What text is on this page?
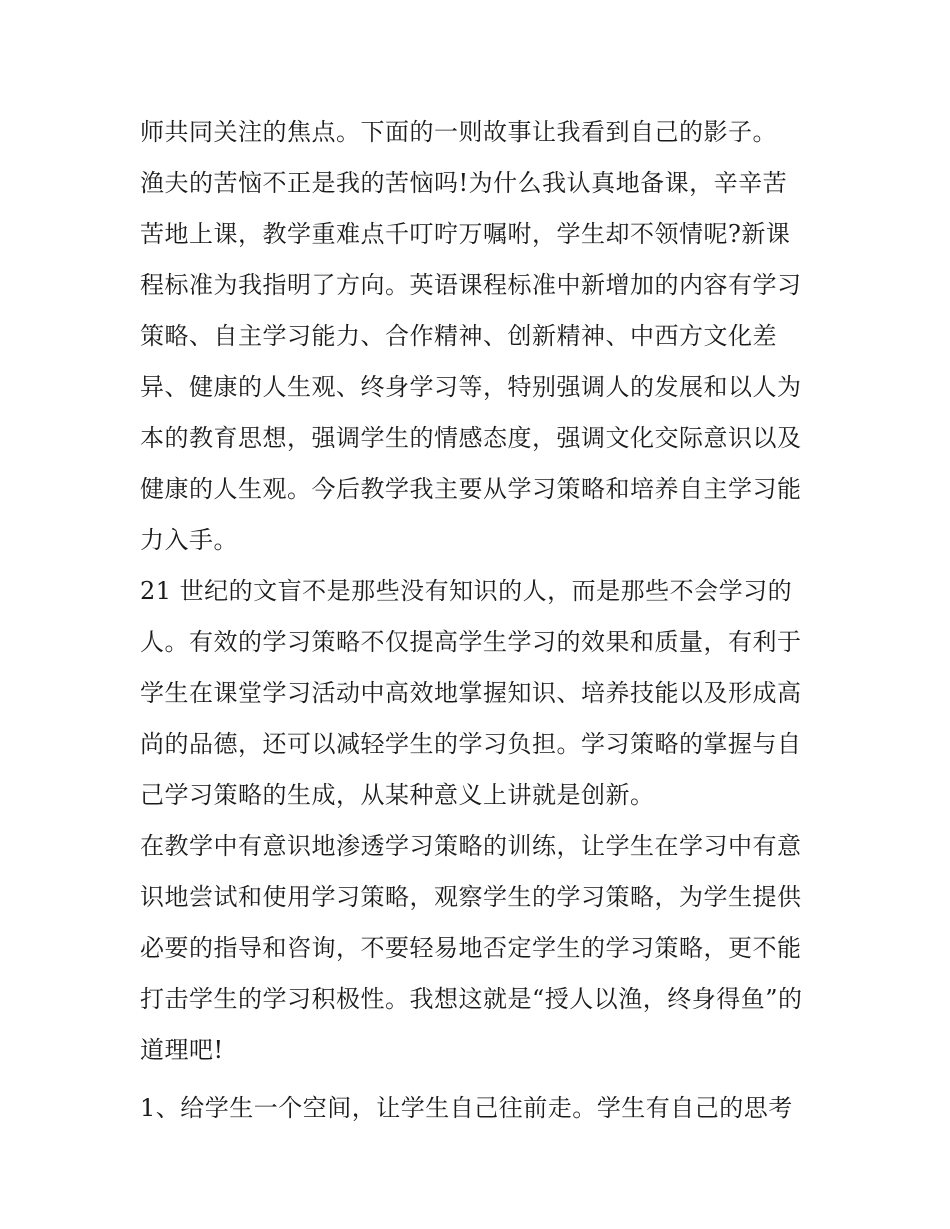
师共同关注的焦点。下面的一则故事让我看到自己的影子。
渔夫的苦恼不正是我的苦恼吗!为什么我认真地备课，辛辛苦
苦地上课，教学重难点千叮咛万嘱咐，学生却不领情呢?新课
程标准为我指明了方向。英语课程标准中新增加的内容有学习
策略、自主学习能力、合作精神、创新精神、中西方文化差
异、健康的人生观、终身学习等，特别强调人的发展和以人为
本的教育思想，强调学生的情感态度，强调文化交际意识以及
健康的人生观。今后教学我主要从学习策略和培养自主学习能
力入手。
21 世纪的文盲不是那些没有知识的人，而是那些不会学习的
人。有效的学习策略不仅提高学生学习的效果和质量，有利于
学生在课堂学习活动中高效地掌握知识、培养技能以及形成高
尚的品德，还可以减轻学生的学习负担。学习策略的掌握与自
己学习策略的生成，从某种意义上讲就是创新。
在教学中有意识地渗透学习策略的训练，让学生在学习中有意
识地尝试和使用学习策略，观察学生的学习策略，为学生提供
必要的指导和咨询，不要轻易地否定学生的学习策略，更不能
打击学生的学习积极性。我想这就是“授人以渔，终身得鱼”的
道理吧!
1、给学生一个空间，让学生自己往前走。学生有自己的思考
